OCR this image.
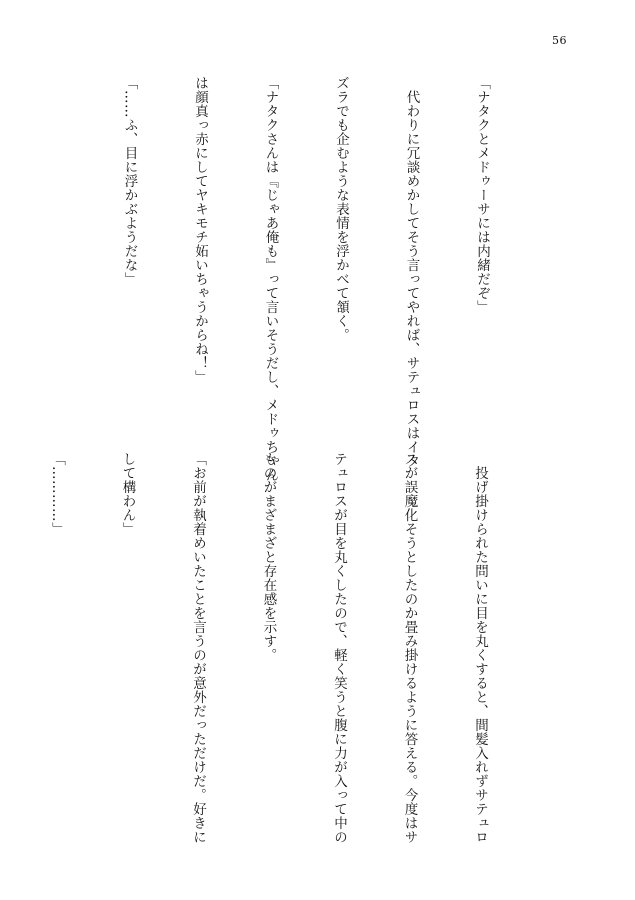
56

「ナタクとメドゥーサには内緒だぞ」

　代わりに冗談めかしてそう言ってやれば、サテュロスはイタ

ズラでも企むような表情を浮かべて頷く。

「ナタクさんは『じゃあ俺も』って言いそうだし、メドゥちゃん

は顔真っ赤にしてヤキモチ妬いちゃうからね！」

「……ふ、目に浮かぶようだな」

　投げ掛けられた問いに目を丸くすると、間髪入れずサテュロ

スが誤魔化そうとしたのか畳み掛けるように答える。今度はサ

テュロスが目を丸くしたので、軽く笑うと腹に力が入って中の

ものがまざまざと存在感を示す。

「お前が執着めいたことを言うのが意外だっただけだ。好きに

して構わん」

「…………」
